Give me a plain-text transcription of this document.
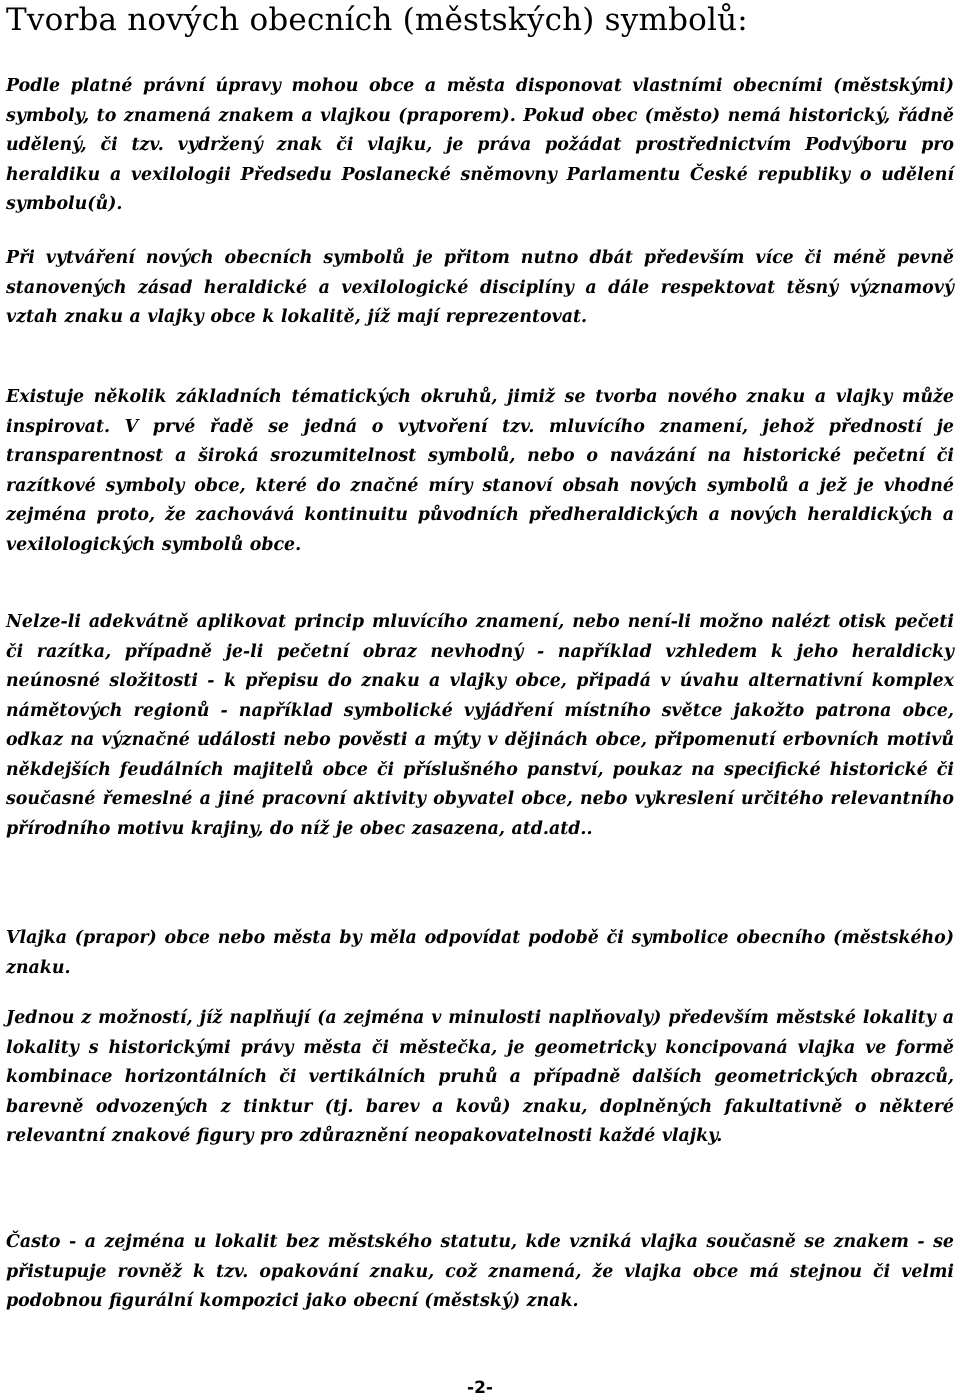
Tvorba nových obecních (městských) symbolů:

Podle platné právní úpravy mohou obce a města disponovat vlastními obecními (městskými) symboly, to znamená znakem a vlajkou (praporem). Pokud obec (město) nemá historický, řádně udělený, či tzv. vydržený znak či vlajku, je práva požádat prostřednictvím Podvýboru pro heraldiku a vexilologii Předsedu Poslanecké sněmovny Parlamentu České republiky o udělení symbolu(ů).

Při vytváření nových obecních symbolů je přitom nutno dbát především více či méně pevně stanovených zásad heraldické a vexilologické disciplíny a dále respektovat těsný významový vztah znaku a vlajky obce k lokalitě, jíž mají reprezentovat.

Existuje několik základních tématických okruhů, jimiž se tvorba nového znaku a vlajky může inspirovat. V prvé řadě se jedná o vytvoření tzv. mluvícího znamení, jehož předností je transparentnost a široká srozumitelnost symbolů, nebo o navázání na historické pečetní či razítkové symboly obce, které do značné míry stanoví obsah nových symbolů a jež je vhodné zejména proto, že zachovává kontinuitu původních předheraldických a nových heraldických a vexilologických symbolů obce.

Nelze-li adekvátně aplikovat princip mluvícího znamení, nebo není-li možno nalézt otisk pečeti či razítka, případně je-li pečetní obraz nevhodný - například vzhledem k jeho heraldicky neúnosné složitosti - k přepisu do znaku a vlajky obce, připadá v úvahu alternativní komplex námětových regionů - například symbolické vyjádření místního světce jakožto patrona obce, odkaz na význačné události nebo pověsti a mýty v dějinách obce, připomenutí erbovních motivů někdejších feudálních majitelů obce či příslušného panství, poukaz na specifické historické či současné řemeslné a jiné pracovní aktivity obyvatel obce, nebo vykreslení určitého relevantního přírodního motivu krajiny, do níž je obec zasazena, atd.atd..

Vlajka (prapor) obce nebo města by měla odpovídat podobě či symbolice obecního (městského) znaku.

Jednou z možností, jíž naplňují (a zejména v minulosti naplňovaly) především městské lokality a lokality s historickými právy města či městečka, je geometricky koncipovaná vlajka ve formě kombinace horizontálních či vertikálních pruhů a případně dalších geometrických obrazců, barevně odvozených z tinktur (tj. barev a kovů) znaku, doplněných fakultativně o některé relevantní znakové figury pro zdůraznění neopakovatelnosti každé vlajky.

Často - a zejména u lokalit bez městského statutu, kde vzniká vlajka současně se znakem - se přistupuje rovněž k tzv. opakování znaku, což znamená, že vlajka obce má stejnou či velmi podobnou figurální kompozici jako obecní (městský) znak.

-2-
